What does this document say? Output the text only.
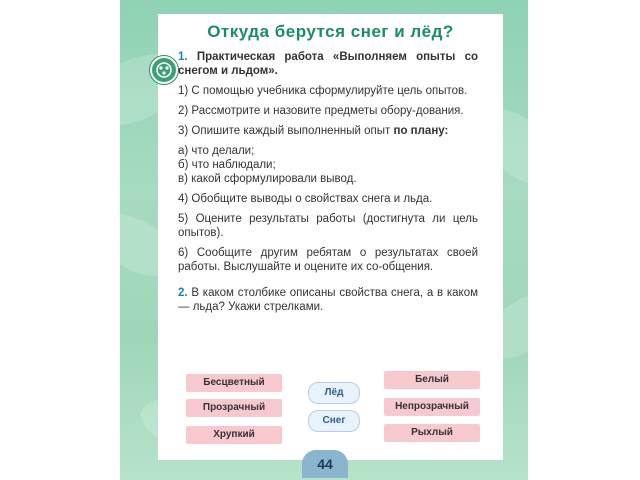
Откуда берутся снег и лёд?

1. Практическая работа «Выполняем опыты со снегом и льдом».

1) С помощью учебника сформулируйте цель опытов.

2) Рассмотрите и назовите предметы обору-дования.

3) Опишите каждый выполненный опыт по плану:

а) что делали;

б) что наблюдали;

в) какой сформулировали вывод.

4) Обобщите выводы о свойствах снега и льда.

5) Оцените результаты работы (достигнута ли цель опытов).

6) Сообщите другим ребятам о результатах своей работы. Выслушайте и оцените их со-общения.

2. В каком столбике описаны свойства снега, а в каком — льда? Укажи стрелками.

Бесцветный
Прозрачный
Хрупкий
Лёд
Снег
Белый
Непрозрачный
Рыхлый
44
